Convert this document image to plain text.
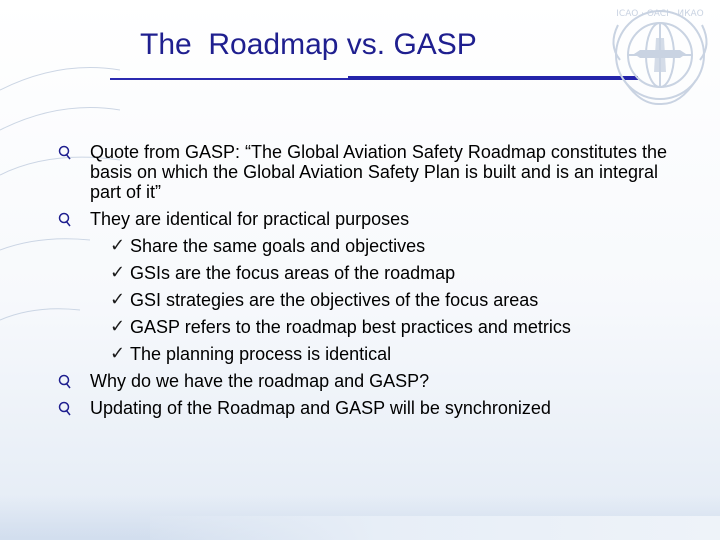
The  Roadmap vs. GASP
ICAO · OACI · ИКАО
Quote from GASP: “The Global Aviation Safety Roadmap constitutes the basis on which the Global Aviation Safety Plan is built and is an integral part of it”
They are identical for practical purposes
✓ Share the same goals and objectives
✓ GSIs are the focus areas of the roadmap
✓ GSI strategies are the objectives of the focus areas
✓ GASP refers to the roadmap best practices and metrics
✓ The planning process is identical
Why do we have the roadmap and GASP?
Updating of the Roadmap and GASP will be synchronized
